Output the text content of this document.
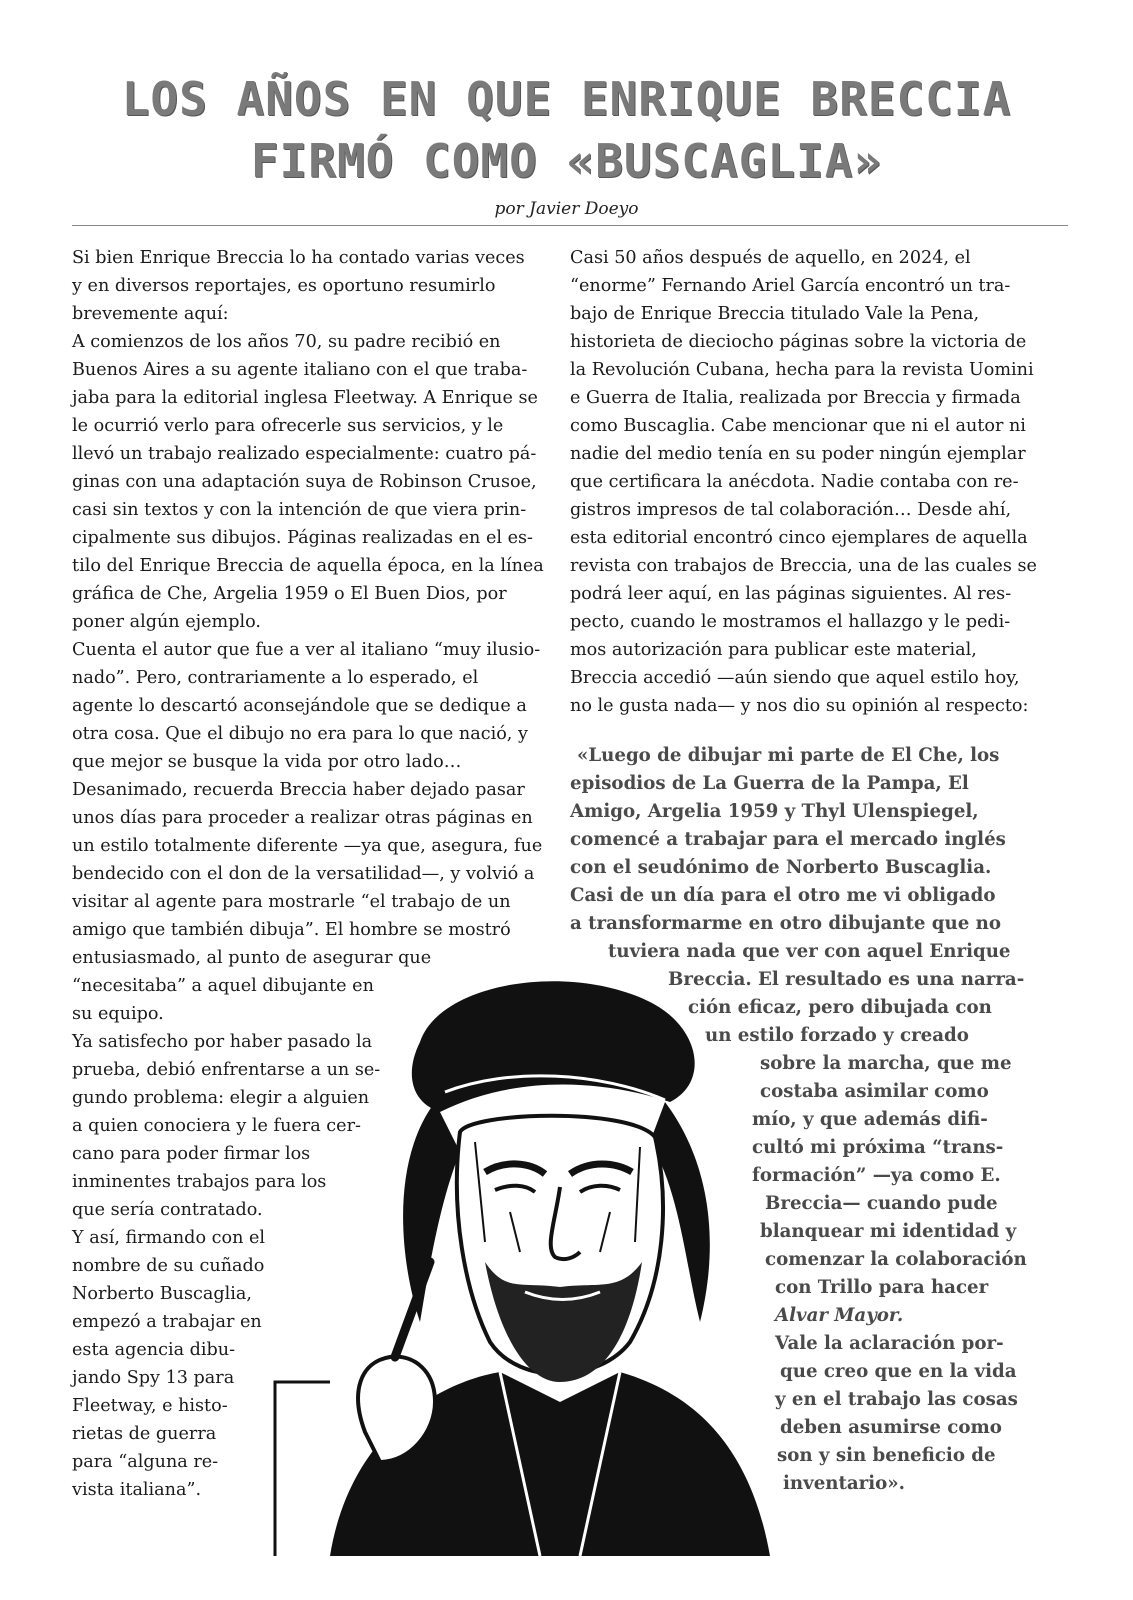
LOS AÑOS EN QUE ENRIQUE BRECCIA
FIRMÓ COMO «BUSCAGLIA»
por Javier Doeyo
Si bien Enrique Breccia lo ha contado varias veces
y en diversos reportajes, es oportuno resumirlo
brevemente aquí:
A comienzos de los años 70, su padre recibió en
Buenos Aires a su agente italiano con el que traba-
jaba para la editorial inglesa Fleetway. A Enrique se
le ocurrió verlo para ofrecerle sus servicios, y le
llevó un trabajo realizado especialmente: cuatro pá-
ginas con una adaptación suya de Robinson Crusoe,
casi sin textos y con la intención de que viera prin-
cipalmente sus dibujos. Páginas realizadas en el es-
tilo del Enrique Breccia de aquella época, en la línea
gráfica de Che, Argelia 1959 o El Buen Dios, por
poner algún ejemplo.
Cuenta el autor que fue a ver al italiano “muy ilusio-
nado”. Pero, contrariamente a lo esperado, el
agente lo descartó aconsejándole que se dedique a
otra cosa. Que el dibujo no era para lo que nació, y
que mejor se busque la vida por otro lado…
Desanimado, recuerda Breccia haber dejado pasar
unos días para proceder a realizar otras páginas en
un estilo totalmente diferente —ya que, asegura, fue
bendecido con el don de la versatilidad—, y volvió a
visitar al agente para mostrarle “el trabajo de un
amigo que también dibuja”. El hombre se mostró
entusiasmado, al punto de asegurar que
“necesitaba” a aquel dibujante en
su equipo.
Ya satisfecho por haber pasado la
prueba, debió enfrentarse a un se-
gundo problema: elegir a alguien
a quien conociera y le fuera cer-
cano para poder firmar los
inminentes trabajos para los
que sería contratado.
Y así, firmando con el
nombre de su cuñado
Norberto Buscaglia,
empezó a trabajar en
esta agencia dibu-
jando Spy 13 para
Fleetway, e histo-
rietas de guerra
para “alguna re-
vista italiana”.
Casi 50 años después de aquello, en 2024, el
“enorme” Fernando Ariel García encontró un tra-
bajo de Enrique Breccia titulado Vale la Pena,
historieta de dieciocho páginas sobre la victoria de
la Revolución Cubana, hecha para la revista Uomini
e Guerra de Italia, realizada por Breccia y firmada
como Buscaglia. Cabe mencionar que ni el autor ni
nadie del medio tenía en su poder ningún ejemplar
que certificara la anécdota. Nadie contaba con re-
gistros impresos de tal colaboración… Desde ahí,
esta editorial encontró cinco ejemplares de aquella
revista con trabajos de Breccia, una de las cuales se
podrá leer aquí, en las páginas siguientes. Al res-
pecto, cuando le mostramos el hallazgo y le pedi-
mos autorización para publicar este material,
Breccia accedió —aún siendo que aquel estilo hoy,
no le gusta nada— y nos dio su opinión al respecto:
«Luego de dibujar mi parte de El Che, los
episodios de La Guerra de la Pampa, El
Amigo, Argelia 1959 y Thyl Ulenspiegel,
comencé a trabajar para el mercado inglés
con el seudónimo de Norberto Buscaglia.
Casi de un día para el otro me vi obligado
a transformarme en otro dibujante que no
tuviera nada que ver con aquel Enrique
Breccia. El resultado es una narra-
ción eficaz, pero dibujada con
un estilo forzado y creado
sobre la marcha, que me
costaba asimilar como
mío, y que además difi-
cultó mi próxima “trans-
formación” —ya como E.
Breccia— cuando pude
blanquear mi identidad y
comenzar la colaboración
con Trillo para hacer
Alvar Mayor.
Vale la aclaración por-
que creo que en la vida
y en el trabajo las cosas
deben asumirse como
son y sin beneficio de
inventario».
